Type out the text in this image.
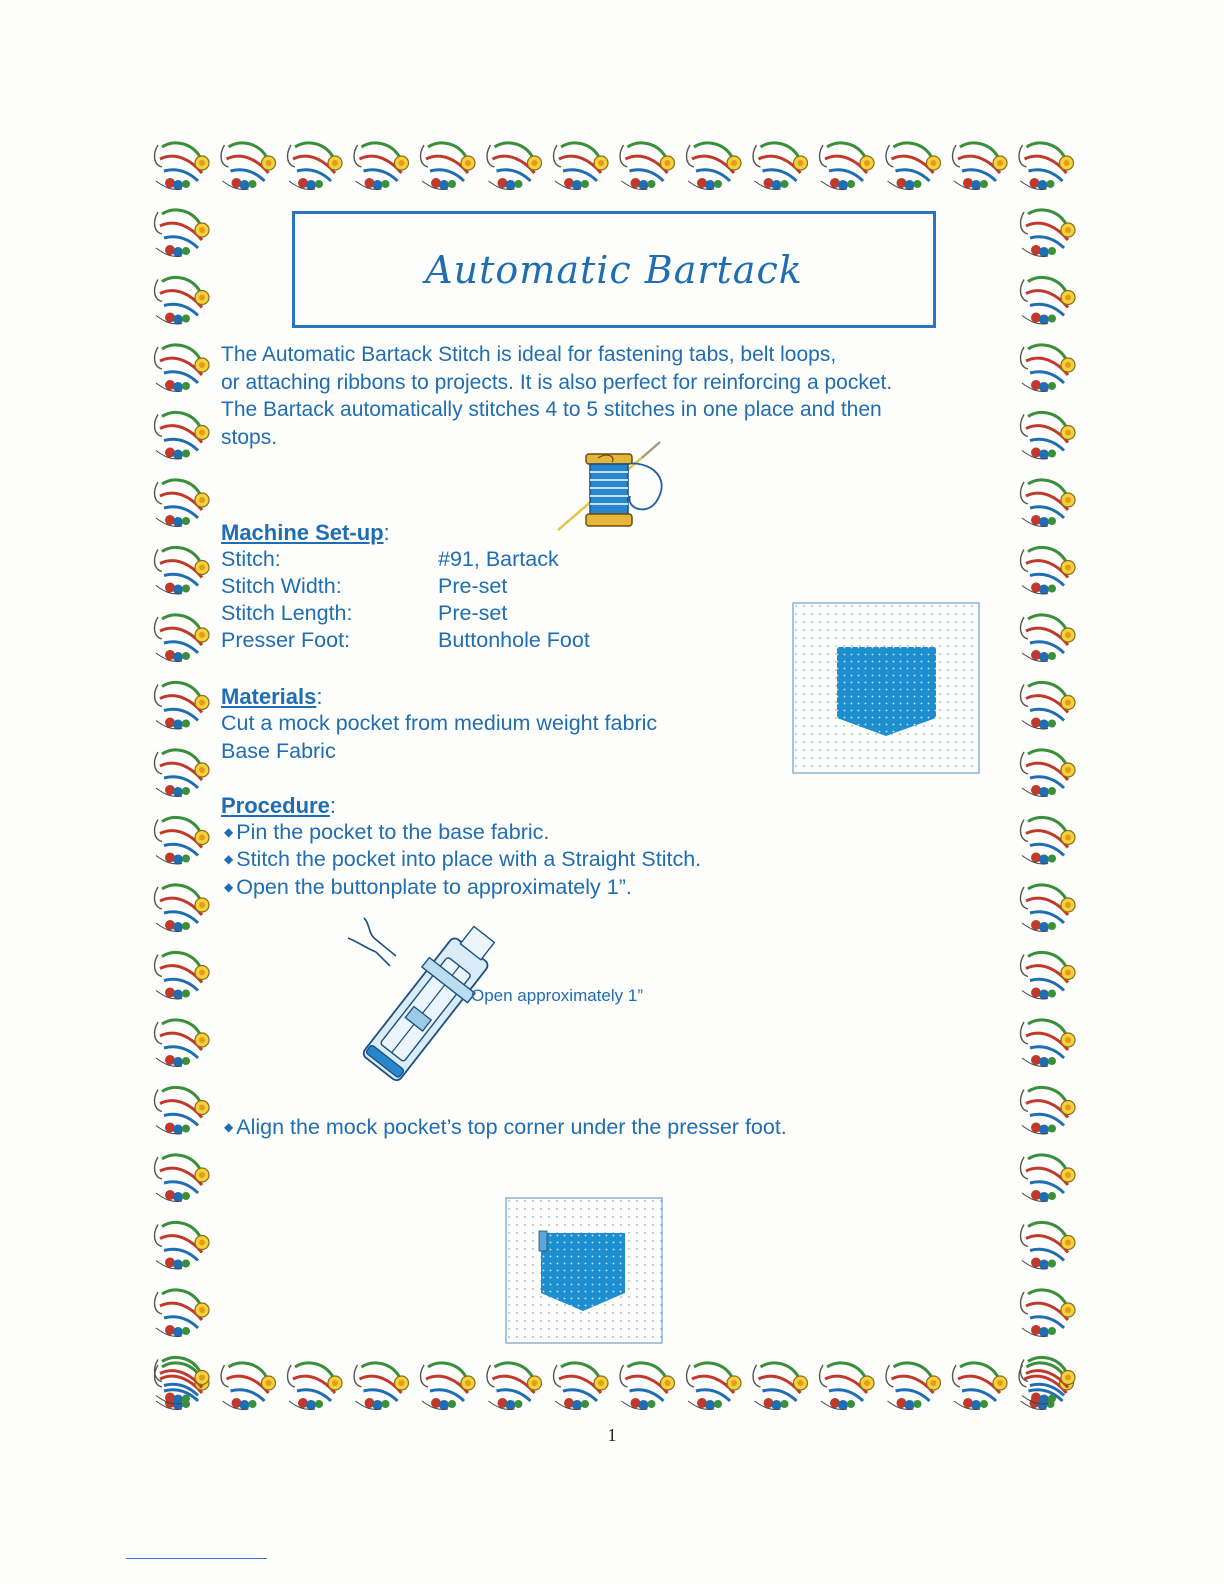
Automatic Bartack
The Automatic Bartack Stitch is ideal for fastening tabs, belt loops,
or attaching ribbons to projects. It is also perfect for reinforcing a pocket.
The Bartack automatically stitches 4 to 5 stitches in one place and then
stops.
Machine Set-up:
Stitch:	#91, Bartack
Stitch Width:	Pre-set
Stitch Length:	Pre-set
Presser Foot:	Buttonhole Foot
Materials:
Cut a mock pocket from medium weight fabric
Base Fabric
Procedure:
◆ Pin the pocket to the base fabric.
◆ Stitch the pocket into place with a Straight Stitch.
◆ Open the buttonplate to approximately 1”.
Open approximately 1”
◆ Align the mock pocket’s top corner under the presser foot.
1
